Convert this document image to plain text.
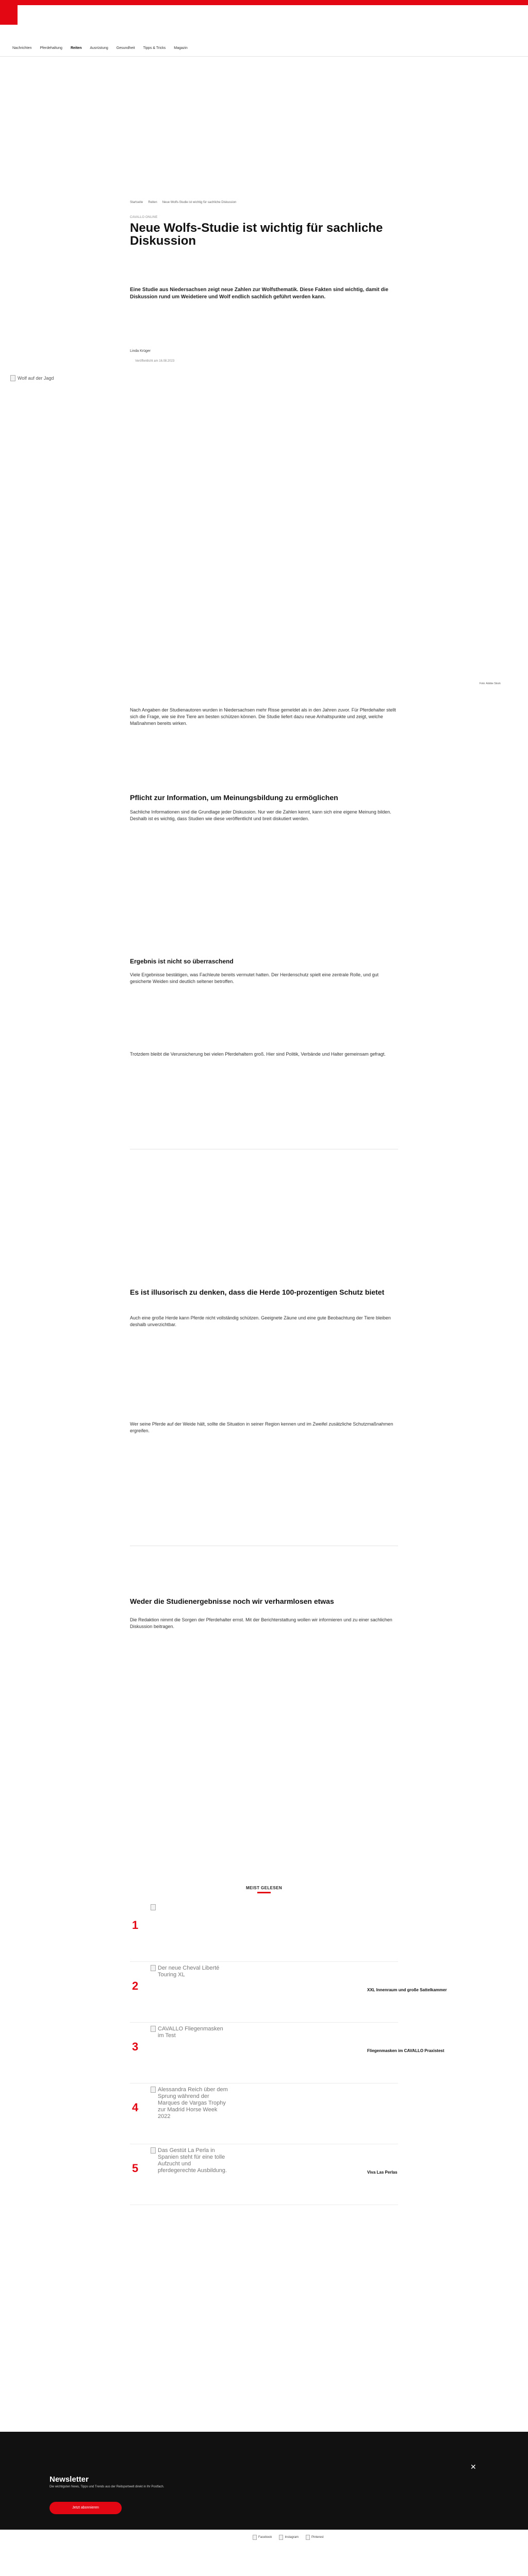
Nachrichten Pferdehaltung Reiten Ausrüstung Gesundheit Tipps & Tricks Magazin
Startseite Reiten Neue Wolfs-Studie ist wichtig für sachliche Diskussion
CAVALLO ONLINE
Neue Wolfs-Studie ist wichtig für sachliche Diskussion
Eine Studie aus Niedersachsen zeigt neue Zahlen zur Wolfsthematik. Diese Fakten sind wichtig, damit die Diskussion rund um Weidetiere und Wolf endlich sachlich geführt werden kann.
Linda Krüger
Veröffentlicht am 16.08.2023
Wolf auf der Jagd
Foto: Adobe Stock
Nach Angaben der Studienautoren wurden in Niedersachsen mehr Risse gemeldet als in den Jahren zuvor. Für Pferdehalter stellt sich die Frage, wie sie ihre Tiere am besten schützen können. Die Studie liefert dazu neue Anhaltspunkte und zeigt, welche Maßnahmen bereits wirken.
Pflicht zur Information, um Meinungsbildung zu ermöglichen
Sachliche Informationen sind die Grundlage jeder Diskussion. Nur wer die Zahlen kennt, kann sich eine eigene Meinung bilden. Deshalb ist es wichtig, dass Studien wie diese veröffentlicht und breit diskutiert werden.
Ergebnis ist nicht so überraschend
Viele Ergebnisse bestätigen, was Fachleute bereits vermutet hatten. Der Herdenschutz spielt eine zentrale Rolle, und gut gesicherte Weiden sind deutlich seltener betroffen.
Trotzdem bleibt die Verunsicherung bei vielen Pferdehaltern groß. Hier sind Politik, Verbände und Halter gemeinsam gefragt.
Es ist illusorisch zu denken, dass die Herde 100-prozentigen Schutz bietet
Auch eine große Herde kann Pferde nicht vollständig schützen. Geeignete Zäune und eine gute Beobachtung der Tiere bleiben deshalb unverzichtbar.
Wer seine Pferde auf der Weide hält, sollte die Situation in seiner Region kennen und im Zweifel zusätzliche Schutzmaßnahmen ergreifen.
Weder die Studienergebnisse noch wir verharmlosen etwas
Die Redaktion nimmt die Sorgen der Pferdehalter ernst. Mit der Berichterstattung wollen wir informieren und zu einer sachlichen Diskussion beitragen.
MEIST GELESEN
1
2
Der neue Cheval Liberté Touring XL
XXL Innenraum und große Sattelkammer
3
CAVALLO Fliegenmasken im Test
Fliegenmasken im CAVALLO Praxistest
4
Alessandra Reich über dem Sprung während der Marques de Vargas Trophy zur Madrid Horse Week 2022
5
Das Gestüt La Perla in Spanien steht für eine tolle Aufzucht und pferdegerechte Ausbildung.	Viva Las Perlas
✕
Newsletter
Die wichtigsten News, Tipps und Trends aus der Reitsportwelt direkt in Ihr Postfach.
Jetzt abonnieren
Facebook	Instagram	Pinterest
